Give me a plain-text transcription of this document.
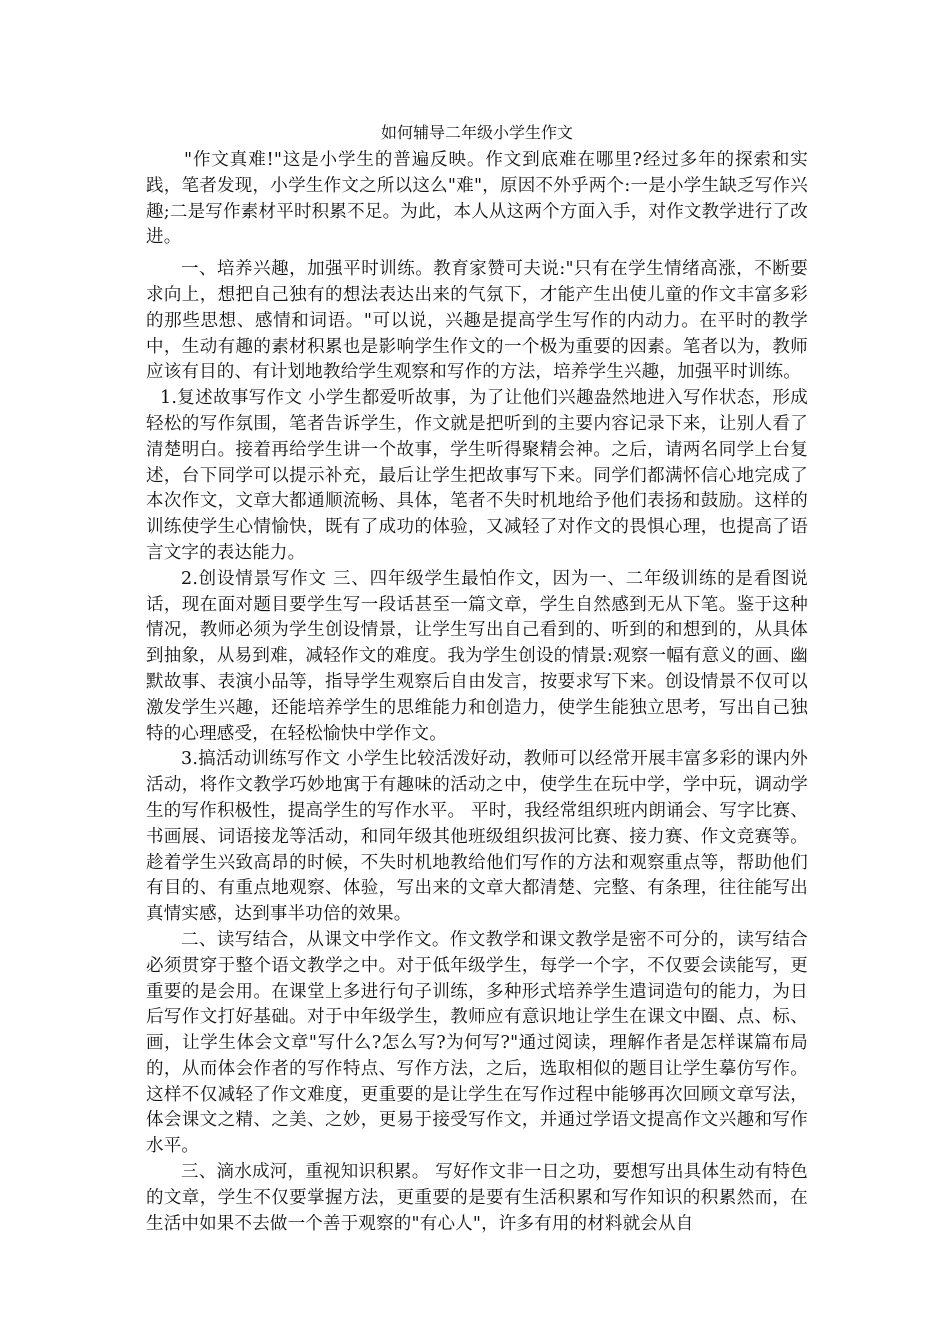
如何辅导二年级小学生作文

"作文真难!"这是小学生的普遍反映。作文到底难在哪里?经过多年的探索和实践，笔者发现，小学生作文之所以这么"难"，原因不外乎两个:一是小学生缺乏写作兴趣;二是写作素材平时积累不足。为此，本人从这两个方面入手，对作文教学进行了改进。

一、培养兴趣，加强平时训练。教育家赞可夫说:"只有在学生情绪高涨，不断要求向上，想把自己独有的想法表达出来的气氛下，才能产生出使儿童的作文丰富多彩的那些思想、感情和词语。"可以说，兴趣是提高学生写作的内动力。在平时的教学中，生动有趣的素材积累也是影响学生作文的一个极为重要的因素。笔者以为，教师应该有目的、有计划地教给学生观察和写作的方法，培养学生兴趣，加强平时训练。

1.复述故事写作文 小学生都爱听故事，为了让他们兴趣盎然地进入写作状态，形成轻松的写作氛围，笔者告诉学生，作文就是把听到的主要内容记录下来，让别人看了清楚明白。接着再给学生讲一个故事，学生听得聚精会神。之后，请两名同学上台复述，台下同学可以提示补充，最后让学生把故事写下来。同学们都满怀信心地完成了本次作文，文章大都通顺流畅、具体，笔者不失时机地给予他们表扬和鼓励。这样的训练使学生心情愉快，既有了成功的体验，又减轻了对作文的畏惧心理，也提高了语言文字的表达能力。

2.创设情景写作文 三、四年级学生最怕作文，因为一、二年级训练的是看图说话，现在面对题目要学生写一段话甚至一篇文章，学生自然感到无从下笔。鉴于这种情况，教师必须为学生创设情景，让学生写出自己看到的、听到的和想到的，从具体到抽象，从易到难，减轻作文的难度。我为学生创设的情景:观察一幅有意义的画、幽默故事、表演小品等，指导学生观察后自由发言，按要求写下来。创设情景不仅可以激发学生兴趣，还能培养学生的思维能力和创造力，使学生能独立思考，写出自己独特的心理感受，在轻松愉快中学作文。

3.搞活动训练写作文 小学生比较活泼好动，教师可以经常开展丰富多彩的课内外活动，将作文教学巧妙地寓于有趣味的活动之中，使学生在玩中学，学中玩，调动学生的写作积极性，提高学生的写作水平。 平时，我经常组织班内朗诵会、写字比赛、书画展、词语接龙等活动，和同年级其他班级组织拔河比赛、接力赛、作文竞赛等。趁着学生兴致高昂的时候，不失时机地教给他们写作的方法和观察重点等，帮助他们有目的、有重点地观察、体验，写出来的文章大都清楚、完整、有条理，往往能写出真情实感，达到事半功倍的效果。

二、读写结合，从课文中学作文。作文教学和课文教学是密不可分的，读写结合必须贯穿于整个语文教学之中。对于低年级学生，每学一个字，不仅要会读能写，更重要的是会用。在课堂上多进行句子训练，多种形式培养学生遣词造句的能力，为日后写作文打好基础。对于中年级学生，教师应有意识地让学生在课文中圈、点、标、画，让学生体会文章"写什么?怎么写?为何写?"通过阅读，理解作者是怎样谋篇布局的，从而体会作者的写作特点、写作方法，之后，选取相似的题目让学生摹仿写作。这样不仅减轻了作文难度，更重要的是让学生在写作过程中能够再次回顾文章写法，体会课文之精、之美、之妙，更易于接受写作文，并通过学语文提高作文兴趣和写作水平。

三、滴水成河，重视知识积累。 写好作文非一日之功，要想写出具体生动有特色的文章，学生不仅要掌握方法，更重要的是要有生活积累和写作知识的积累然而，在生活中如果不去做一个善于观察的"有心人"，许多有用的材料就会从自
